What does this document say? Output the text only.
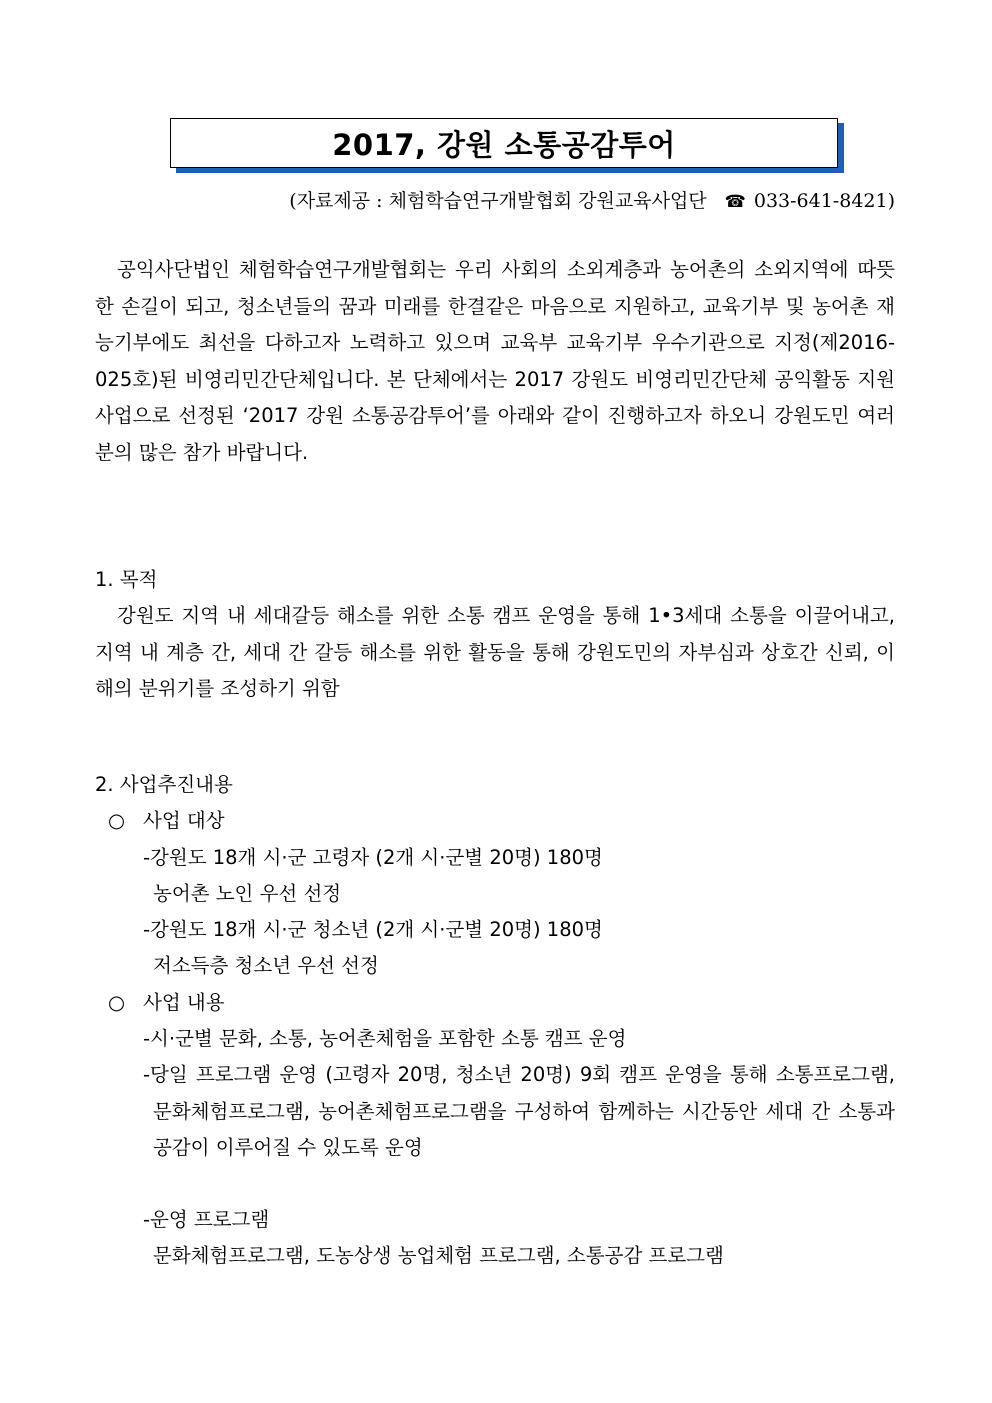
2017, 강원 소통공감투어
(자료제공 : 체험학습연구개발협회 강원교육사업단 ☎ 033-641-8421)
공익사단법인 체험학습연구개발협회는 우리 사회의 소외계층과 농어촌의 소외지역에 따뜻한 손길이 되고, 청소년들의 꿈과 미래를 한결같은 마음으로 지원하고, 교육기부 및 농어촌 재능기부에도 최선을 다하고자 노력하고 있으며 교육부 교육기부 우수기관으로 지정(제2016-025호)된 비영리민간단체입니다. 본 단체에서는 2017 강원도 비영리민간단체 공익활동 지원사업으로 선정된 ‘2017 강원 소통공감투어’를 아래와 같이 진행하고자 하오니 강원도민 여러분의 많은 참가 바랍니다.
1. 목적
강원도 지역 내 세대갈등 해소를 위한 소통 캠프 운영을 통해 1•3세대 소통을 이끌어내고, 지역 내 계층 간, 세대 간 갈등 해소를 위한 활동을 통해 강원도민의 자부심과 상호간 신뢰, 이해의 분위기를 조성하기 위함
2. 사업추진내용
○ 사업 대상
-강원도 18개 시·군 고령자 (2개 시·군별 20명) 180명
농어촌 노인 우선 선정
-강원도 18개 시·군 청소년 (2개 시·군별 20명) 180명
저소득층 청소년 우선 선정
○ 사업 내용
-시·군별 문화, 소통, 농어촌체험을 포함한 소통 캠프 운영
-당일 프로그램 운영 (고령자 20명, 청소년 20명) 9회 캠프 운영을 통해 소통프로그램, 문화체험프로그램, 농어촌체험프로그램을 구성하여 함께하는 시간동안 세대 간 소통과 공감이 이루어질 수 있도록 운영
-운영 프로그램
문화체험프로그램, 도농상생 농업체험 프로그램, 소통공감 프로그램
